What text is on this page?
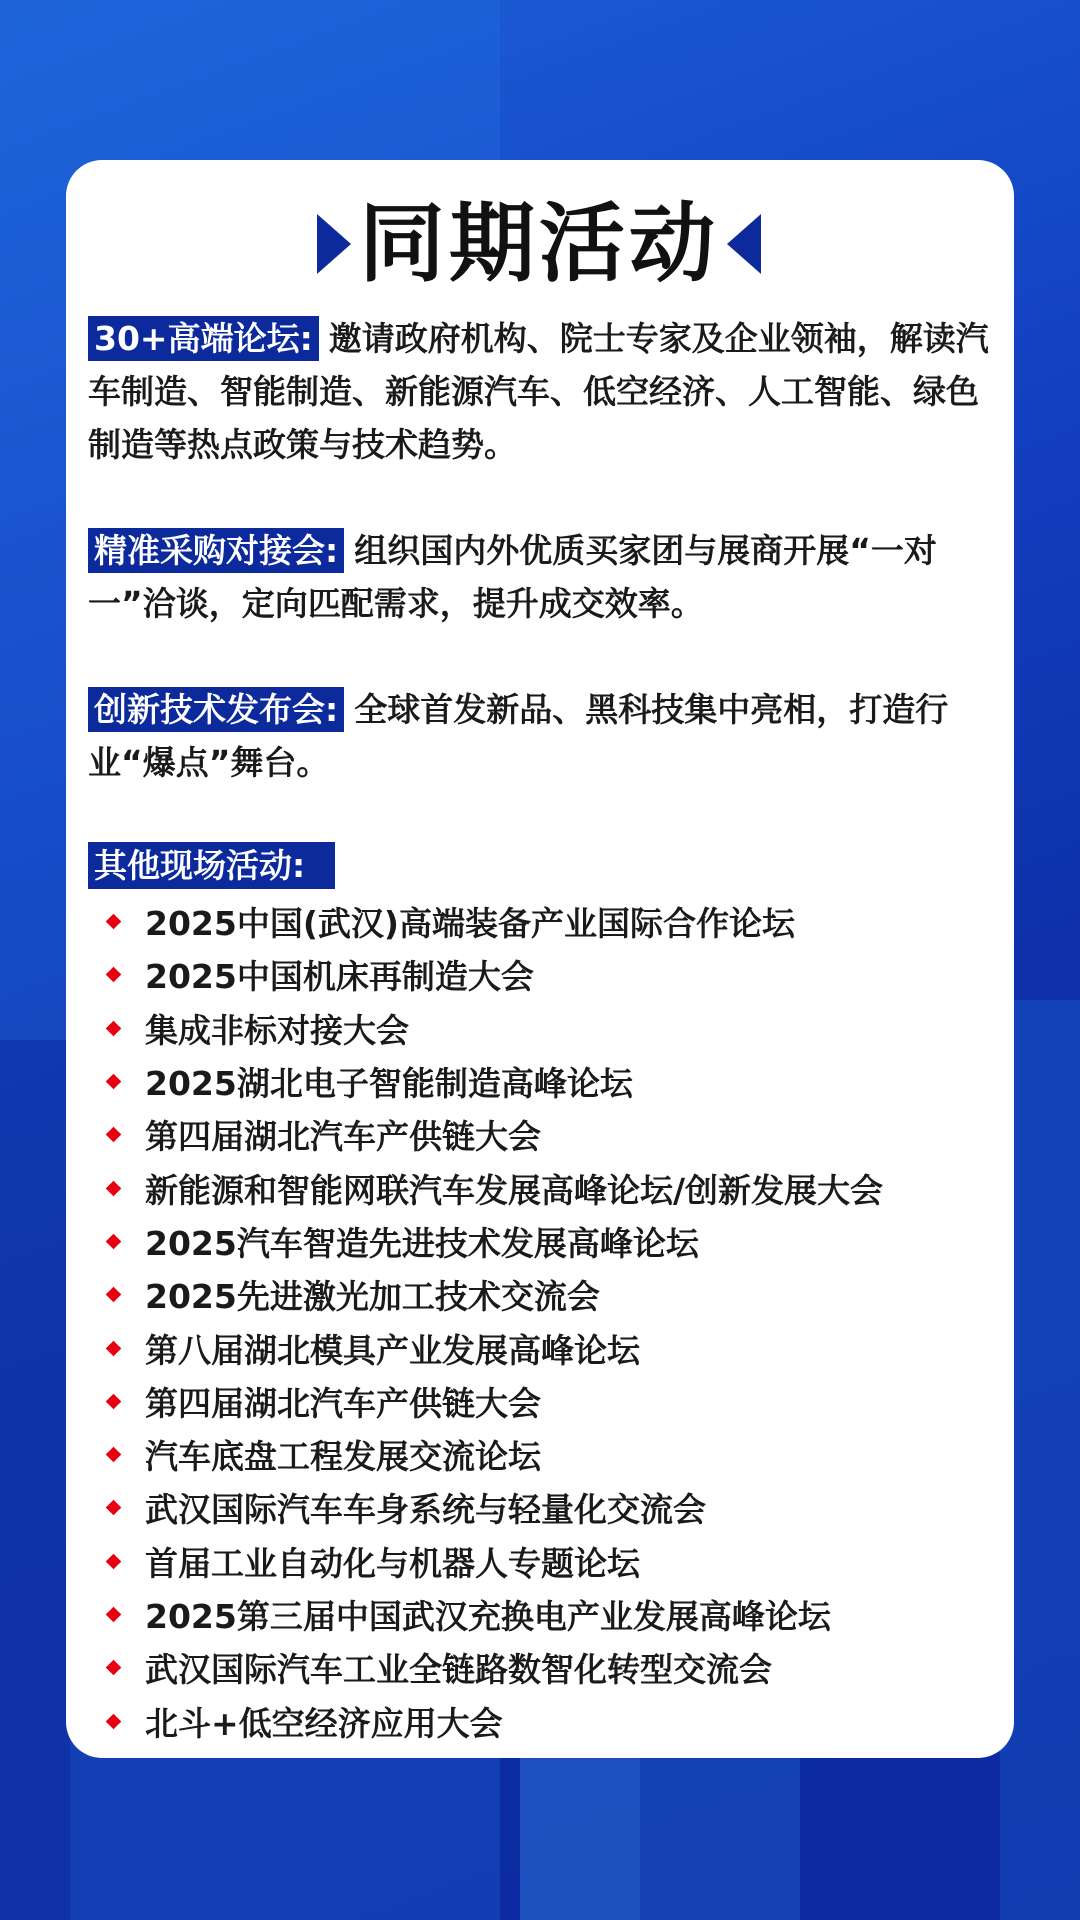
同期活动
30+高端论坛: 邀请政府机构、院士专家及企业领袖，解读汽车制造、智能制造、新能源汽车、低空经济、人工智能、绿色制造等热点政策与技术趋势。
精准采购对接会: 组织国内外优质买家团与展商开展“一对一”洽谈，定向匹配需求，提升成交效率。
创新技术发布会: 全球首发新品、黑科技集中亮相，打造行业“爆点”舞台。
其他现场活动:
2025中国(武汉)高端装备产业国际合作论坛
2025中国机床再制造大会
集成非标对接大会
2025湖北电子智能制造高峰论坛
第四届湖北汽车产供链大会
新能源和智能网联汽车发展高峰论坛/创新发展大会
2025汽车智造先进技术发展高峰论坛
2025先进激光加工技术交流会
第八届湖北模具产业发展高峰论坛
第四届湖北汽车产供链大会
汽车底盘工程发展交流论坛
武汉国际汽车车身系统与轻量化交流会
首届工业自动化与机器人专题论坛
2025第三届中国武汉充换电产业发展高峰论坛
武汉国际汽车工业全链路数智化转型交流会
北斗+低空经济应用大会
